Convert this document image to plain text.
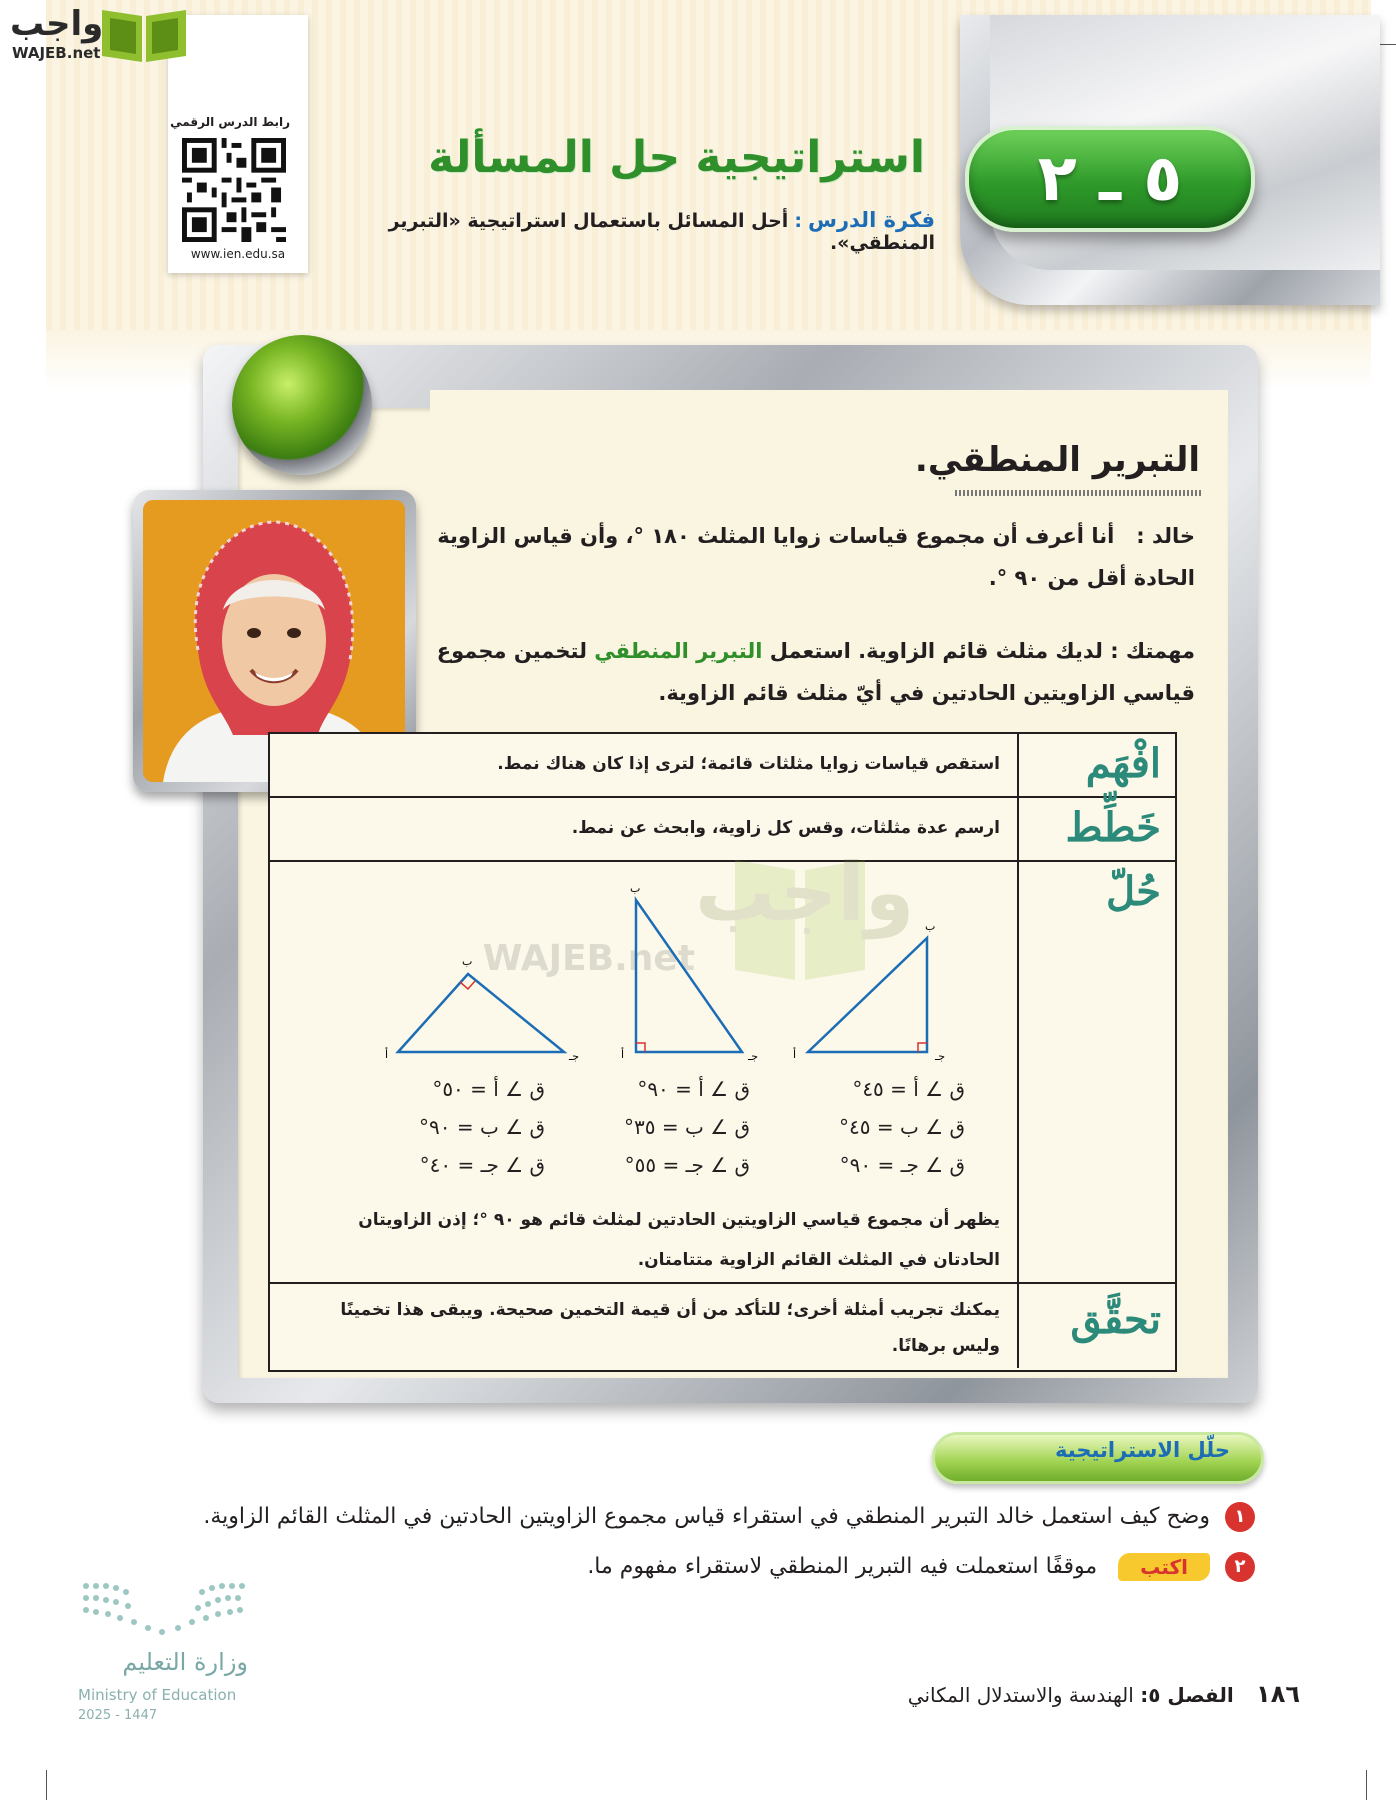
٥ ـ ٢
استراتيجية حل المسألة
فكرة الدرس : أحل المسائل باستعمال استراتيجية «التبرير المنطقي».
رابط الدرس الرقمي
www.ien.edu.sa
واجب
WAJEB.net
التبرير المنطقي.
خالد :   أنا أعرف أن مجموع قياسات زوايا المثلث ١٨٠ °، وأن قياس الزاوية الحادة أقل من ٩٠ °.
مهمتك : لديك مثلث قائم الزاوية. استعمل التبرير المنطقي لتخمين مجموع قياسي الزاويتين الحادتين في أيّ مثلث قائم الزاوية.
افْهَم
استقص قياسات زوايا مثلثات قائمة؛ لترى إذا كان هناك نمط.
خَطِّط
ارسم عدة مثلثات، وقس كل زاوية، وابحث عن نمط.
حُلّ
يظهر أن مجموع قياسي الزاويتين الحادتين لمثلث قائم هو ٩٠ °؛ إذن الزاويتان الحادتان في المثلث القائم الزاوية متتامتان.
تحقَّق
يمكنك تجريب أمثلة أخرى؛ للتأكد من أن قيمة التخمين صحيحة. ويبقى هذا تخمينًا وليس برهانًا.
واجب
WAJEB.net
أ
ب
جـ
أ
ب
جـ
أ
ب
جـ
ق ∠ أ = ٤٥°
ق ∠ ب = ٤٥°
ق ∠ جـ = ٩٠°
ق ∠ أ = ٩٠°
ق ∠ ب = ٣٥°
ق ∠ جـ = ٥٥°
ق ∠ أ = ٥٠°
ق ∠ ب = ٩٠°
ق ∠ جـ = ٤٠°
حلّل الاستراتيجية
١ وضح كيف استعمل خالد التبرير المنطقي في استقراء قياس مجموع الزاويتين الحادتين في المثلث القائم الزاوية.
٢ اكتب موقفًا استعملت فيه التبرير المنطقي لاستقراء مفهوم ما.
وزارة التعليم
Ministry of Education
2025 - 1447
١٨٦ الفصل ٥: الهندسة والاستدلال المكاني
